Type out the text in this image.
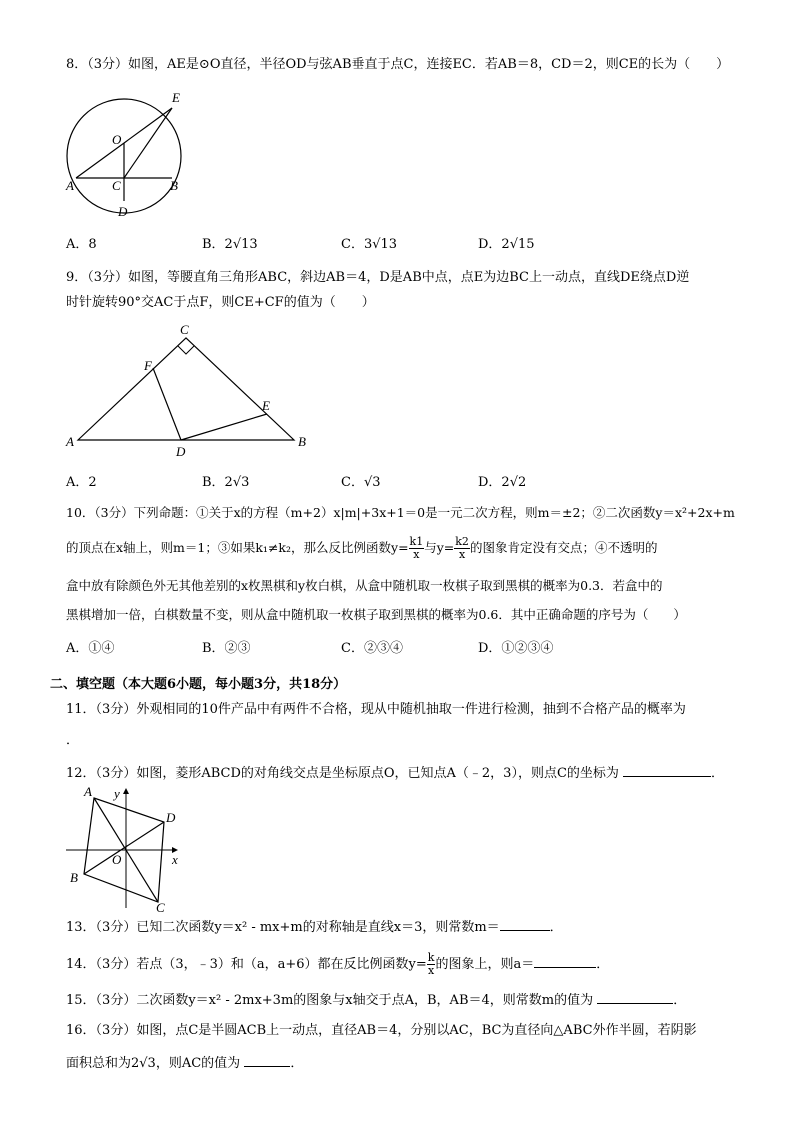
8．（3分）如图，AE是⊙O直径，半径OD与弦AB垂直于点C，连接EC．若AB＝8，CD＝2，则CE的长为（　　）
E
O
A	C	B
D
A．8	B．2√13	C．3√13	D．2√15
9．（3分）如图，等腰直角三角形ABC，斜边AB＝4，D是AB中点，点E为边BC上一动点，直线DE绕点D逆
时针旋转90°交AC于点F，则CE+CF的值为（　　）
C
F
E
A
D
B
A．2	B．2√3	C．√3	D．2√2
10．（3分）下列命题：①关于x的方程（m+2）x|m|+3x+1＝0是一元二次方程，则m＝±2；②二次函数y＝x²+2x+m
的顶点在x轴上，则m＝1；③如果k₁≠k₂，那么反比例函数$y= \frac{k1}{x}$ 与$y= \frac{k2}{x}$ 的图象肯定没有交点；④不透明的
盒中放有除颜色外无其他差别的x枚黑棋和y枚白棋，从盒中随机取一枚棋子取到黑棋的概率为0.3．若盒中的
黑棋增加一倍，白棋数量不变，则从盒中随机取一枚棋子取到黑棋的概率为0.6．其中正确命题的序号为（　　）
A．①④	B．②③	C．②③④	D．①②③④
二、填空题（本大题6小题，每小题3分，共18分）
11．（3分）外观相同的10件产品中有两件不合格，现从中随机抽取一件进行检测，抽到不合格产品的概率为
．
12．（3分）如图，菱形ABCD的对角线交点是坐标原点O，已知点A（﹣2，3），则点C的坐标为	．
A y
D
O	x
B
C
13．（3分）已知二次函数y＝x² - mx+m的对称轴是直线x＝3，则常数m＝	．
14．（3分）若点（3，﹣3）和（a，a+6）都在反比例函数$y= \frac{k}{x}$ 的图象上，则a＝	．
15．（3分）二次函数y＝x² - 2mx+3m的图象与x轴交于点A，B，AB＝4，则常数m的值为	．
16．（3分）如图，点C是半圆ACB上一动点，直径AB＝4，分别以AC，BC为直径向△ABC外作半圆，若阴影
面积总和为2√3，则AC的值为	．
